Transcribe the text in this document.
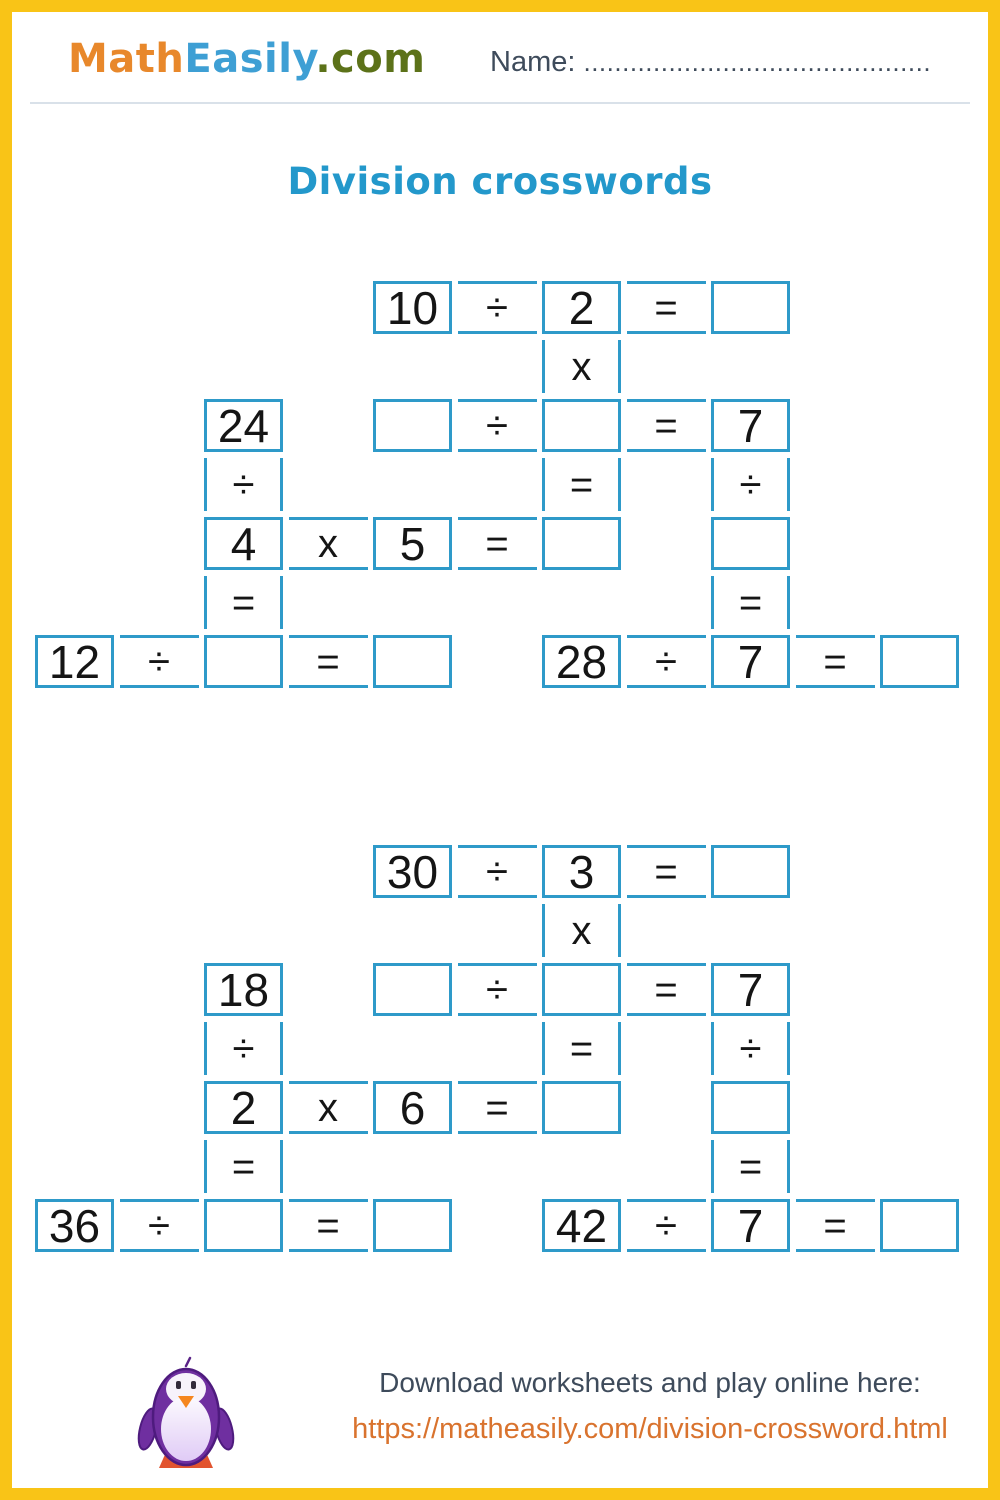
MathEasily.com Name: .............................................
Division crosswords
10	÷	2	=
x
24	÷	=	7
÷	=	÷
4	x	5	=
=	=
12	÷	=	28	÷	7	=
30	÷	3	=
x
18	÷	=	7
÷	=	÷
2	x	6	=
=	=
36	÷	=	42	÷	7	=
Download worksheets and play online here:
https://matheasily.com/division-crossword.html
